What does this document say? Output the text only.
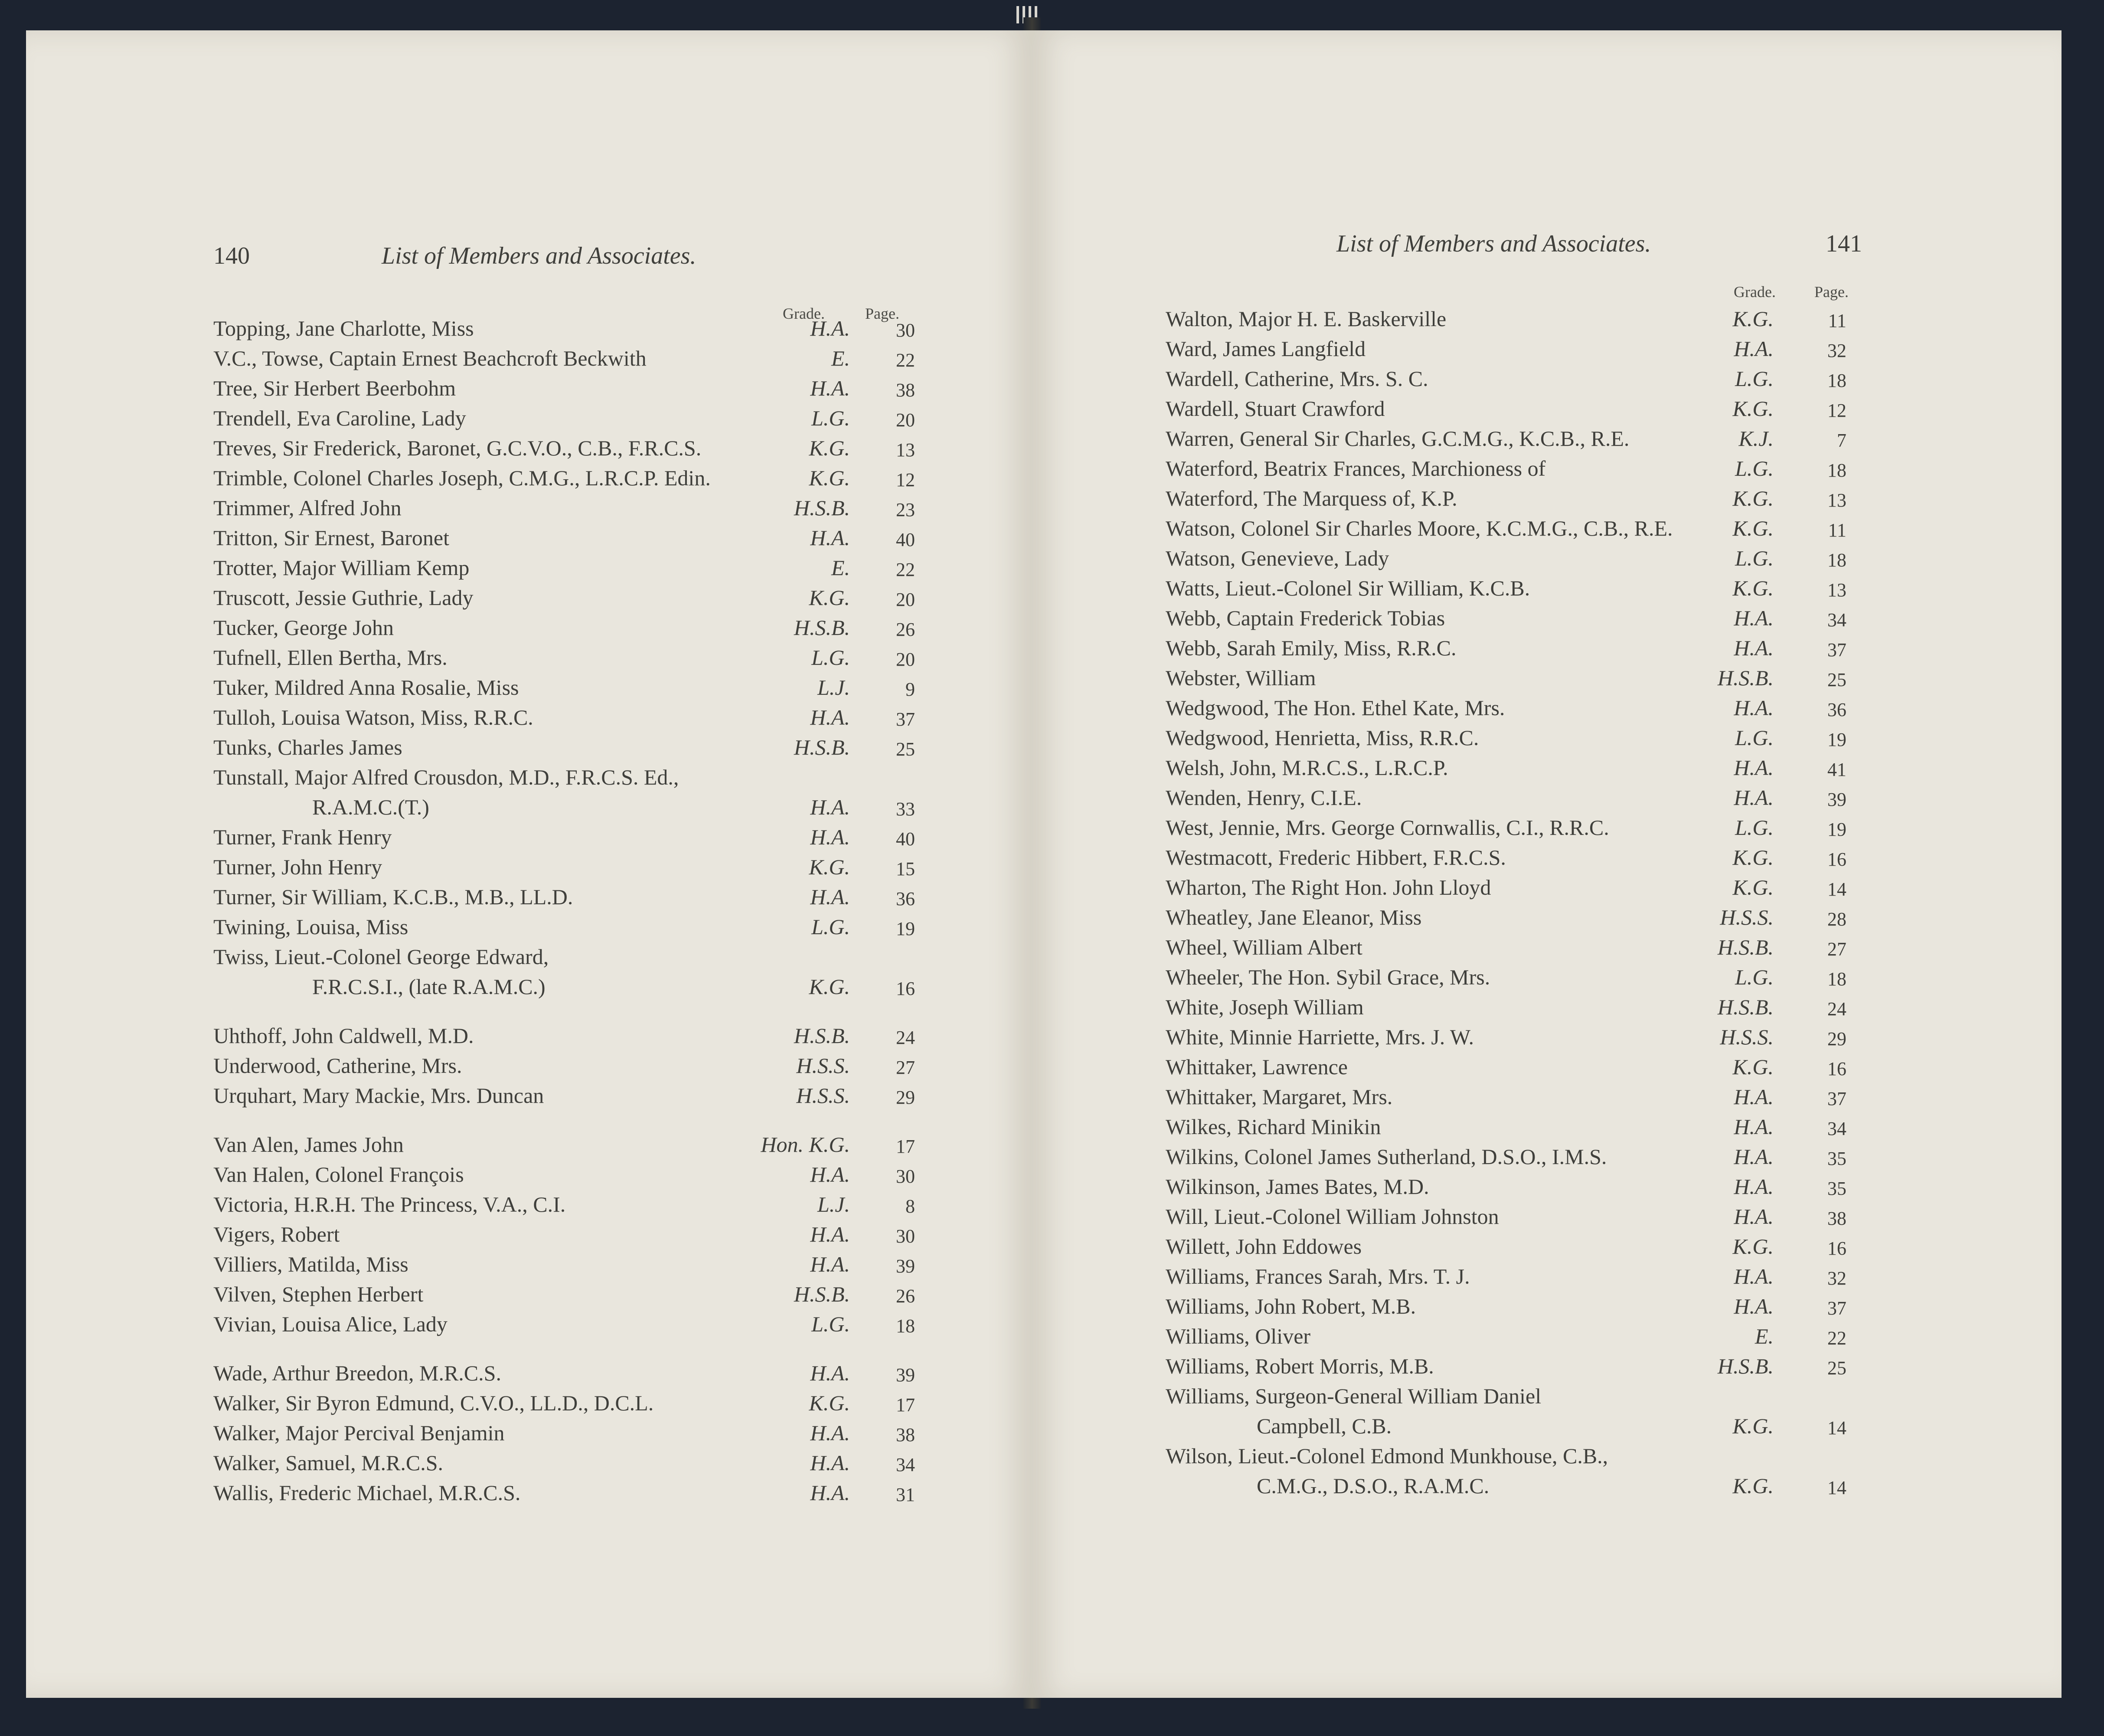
140	List of Members and Associates.
Grade.	Page.
Topping, Jane Charlotte, Miss	H.A. 30
V.C., Towse, Captain Ernest Beachcroft Beckwith	E. 22
Tree, Sir Herbert Beerbohm	H.A. 38
Trendell, Eva Caroline, Lady	L.G. 20
Treves, Sir Frederick, Baronet, G.C.V.O., C.B., F.R.C.S.	K.G. 13
Trimble, Colonel Charles Joseph, C.M.G., L.R.C.P. Edin.	K.G. 12
Trimmer, Alfred John	H.S.B. 23
Tritton, Sir Ernest, Baronet	H.A. 40
Trotter, Major William Kemp	E. 22
Truscott, Jessie Guthrie, Lady	K.G. 20
Tucker, George John	H.S.B. 26
Tufnell, Ellen Bertha, Mrs.	L.G. 20
Tuker, Mildred Anna Rosalie, Miss	L.J.	9
Tulloh, Louisa Watson, Miss, R.R.C.	H.A. 37
Tunks, Charles James	H.S.B. 25
Tunstall, Major Alfred Crousdon, M.D., F.R.C.S. Ed.,
R.A.M.C.(T.)	H.A. 33
Turner, Frank Henry	H.A. 40
Turner, John Henry	K.G. 15
Turner, Sir William, K.C.B., M.B., LL.D.	H.A. 36
Twining, Louisa, Miss	L.G. 19
Twiss, Lieut.-Colonel George Edward,
F.R.C.S.I., (late R.A.M.C.)	K.G. 16
Uhthoff, John Caldwell, M.D.	H.S.B. 24
Underwood, Catherine, Mrs.	H.S.S. 27
Urquhart, Mary Mackie, Mrs. Duncan	H.S.S. 29
Van Alen, James John	Hon. K.G. 17
Van Halen, Colonel François	H.A. 30
Victoria, H.R.H. The Princess, V.A., C.I.	L.J.	8
Vigers, Robert	H.A. 30
Villiers, Matilda, Miss	H.A. 39
Vilven, Stephen Herbert	H.S.B. 26
Vivian, Louisa Alice, Lady	L.G. 18
Wade, Arthur Breedon, M.R.C.S.	H.A. 39
Walker, Sir Byron Edmund, C.V.O., LL.D., D.C.L.	K.G. 17
Walker, Major Percival Benjamin	H.A. 38
Walker, Samuel, M.R.C.S.	H.A. 34
Wallis, Frederic Michael, M.R.C.S.	H.A. 31
List of Members and Associates.	141
Grade. Page.
Walton, Major H. E. Baskerville	K.G.	11
Ward, James Langfield	H.A.	32
Wardell, Catherine, Mrs. S. C.	L.G.	18
Wardell, Stuart Crawford	K.G.	12
Warren, General Sir Charles, G.C.M.G., K.C.B., R.E.	K.J.	7
Waterford, Beatrix Frances, Marchioness of	L.G.	18
Waterford, The Marquess of, K.P.	K.G.	13
Watson, Colonel Sir Charles Moore, K.C.M.G., C.B., R.E.	K.G.	11
Watson, Genevieve, Lady	L.G.	18
Watts, Lieut.-Colonel Sir William, K.C.B.	K.G.	13
Webb, Captain Frederick Tobias	H.A.	34
Webb, Sarah Emily, Miss, R.R.C.	H.A.	37
Webster, William	H.S.B.	25
Wedgwood, The Hon. Ethel Kate, Mrs.	H.A.	36
Wedgwood, Henrietta, Miss, R.R.C.	L.G.	19
Welsh, John, M.R.C.S., L.R.C.P.	H.A.	41
Wenden, Henry, C.I.E.	H.A.	39
West, Jennie, Mrs. George Cornwallis, C.I., R.R.C.	L.G.	19
Westmacott, Frederic Hibbert, F.R.C.S.	K.G.	16
Wharton, The Right Hon. John Lloyd	K.G.	14
Wheatley, Jane Eleanor, Miss	H.S.S.	28
Wheel, William Albert	H.S.B.	27
Wheeler, The Hon. Sybil Grace, Mrs.	L.G.	18
White, Joseph William	H.S.B.	24
White, Minnie Harriette, Mrs. J. W.	H.S.S.	29
Whittaker, Lawrence	K.G.	16
Whittaker, Margaret, Mrs.	H.A.	37
Wilkes, Richard Minikin	H.A.	34
Wilkins, Colonel James Sutherland, D.S.O., I.M.S.	H.A.	35
Wilkinson, James Bates, M.D.	H.A.	35
Will, Lieut.-Colonel William Johnston	H.A.	38
Willett, John Eddowes	K.G.	16
Williams, Frances Sarah, Mrs. T. J.	H.A.	32
Williams, John Robert, M.B.	H.A.	37
Williams, Oliver	E.	22
Williams, Robert Morris, M.B.	H.S.B.	25
Williams, Surgeon-General William Daniel
Campbell, C.B.	K.G.	14
Wilson, Lieut.-Colonel Edmond Munkhouse, C.B.,
C.M.G., D.S.O., R.A.M.C.	K.G.	14
